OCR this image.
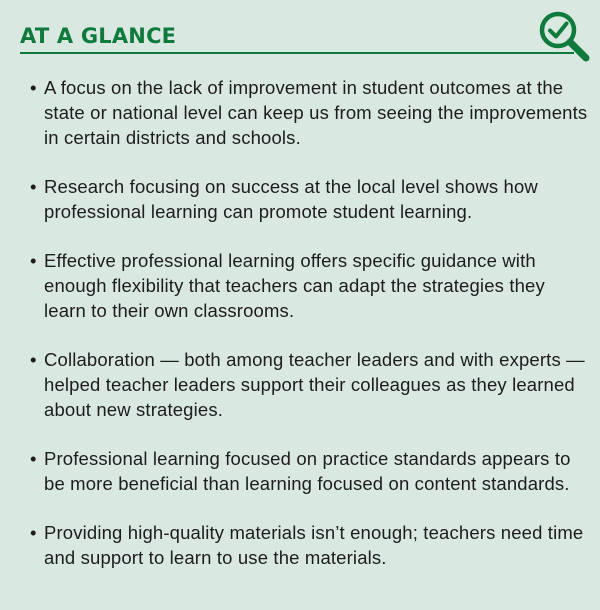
AT A GLANCE
• A focus on the lack of improvement in student outcomes at the state or national level can keep us from seeing the improvements in certain districts and schools.
• Research focusing on success at the local level shows how professional learning can promote student learning.
• Effective professional learning offers specific guidance with enough flexibility that teachers can adapt the strategies they learn to their own classrooms.
• Collaboration — both among teacher leaders and with experts — helped teacher leaders support their colleagues as they learned about new strategies.
• Professional learning focused on practice standards appears to be more beneficial than learning focused on content standards.
• Providing high-quality materials isn’t enough; teachers need time and support to learn to use the materials.
